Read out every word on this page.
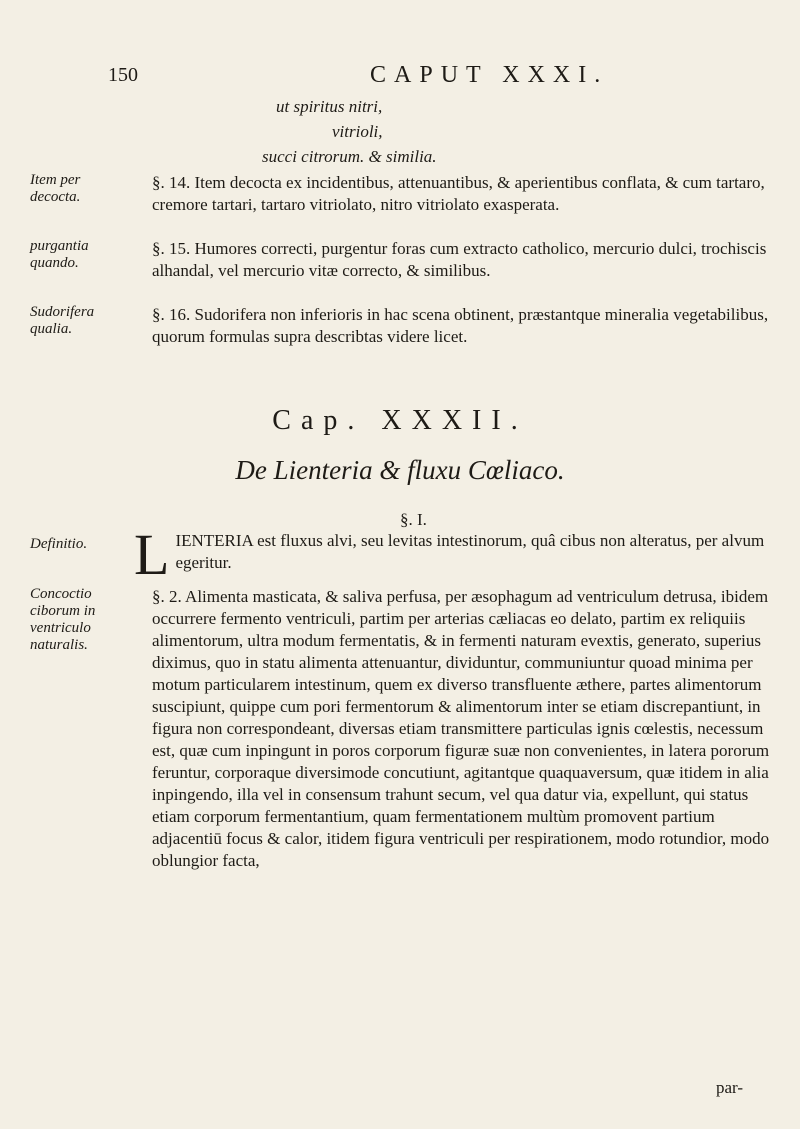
150	CAPUT XXXI.
ut spiritus nitri,
vitrioli,
succi citrorum. & similia.
Item per decocta.
§. 14. Item decocta ex incidentibus, attenuantibus, & aperientibus conflata, & cum tartaro, cremore tartari, tartaro vitriolato, nitro vitriolato exasperata.
purgantia quando.
§. 15. Humores correcti, purgentur foras cum extracto catholico, mercurio dulci, trochiscis alhandal, vel mercurio vitæ correcto, & similibus.
Sudorifera qualia.
§. 16. Sudorifera non inferioris in hac scena obtinent, præstantque mineralia vegetabilibus, quorum formulas supra describtas videre licet.
Cap. XXXII.
De Lienteria & fluxu Cœliaco.
§. I.
Definitio. L IENTERIA est fluxus alvi, seu levitas intestinorum, quâ cibus non alteratus, per alvum egeritur.
Concoctio ciborum in ventriculo naturalis.
§. 2. Alimenta masticata, & saliva perfusa, per æsophagum ad ventriculum detrusa, ibidem occurrere fermento ventriculi, partim per arterias cæliacas eo delato, partim ex reliquiis alimentorum, ultra modum fermentatis, & in fermenti naturam evextis, generato, superius diximus, quo in statu alimenta attenuantur, dividuntur, communiuntur quoad minima per motum particularem intestinum, quem ex diverso transfluente æthere, partes alimentorum suscipiunt, quippe cum pori fermentorum & alimentorum inter se etiam discrepantiunt, in figura non correspondeant, diversas etiam transmittere particulas ignis cœlestis, necessum est, quæ cum inpingunt in poros corporum figuræ suæ non convenientes, in latera pororum feruntur, corporaque diversimode concutiunt, agitantque quaquaversum, quæ itidem in alia inpingendo, illa vel in consensum trahunt secum, vel qua datur via, expellunt, qui status etiam corporum fermentantium, quam fermentationem multùm promovent partium adjacentiū focus & calor, itidem figura ventriculi per respirationem, modo rotundior, modo oblungior facta,
par-
